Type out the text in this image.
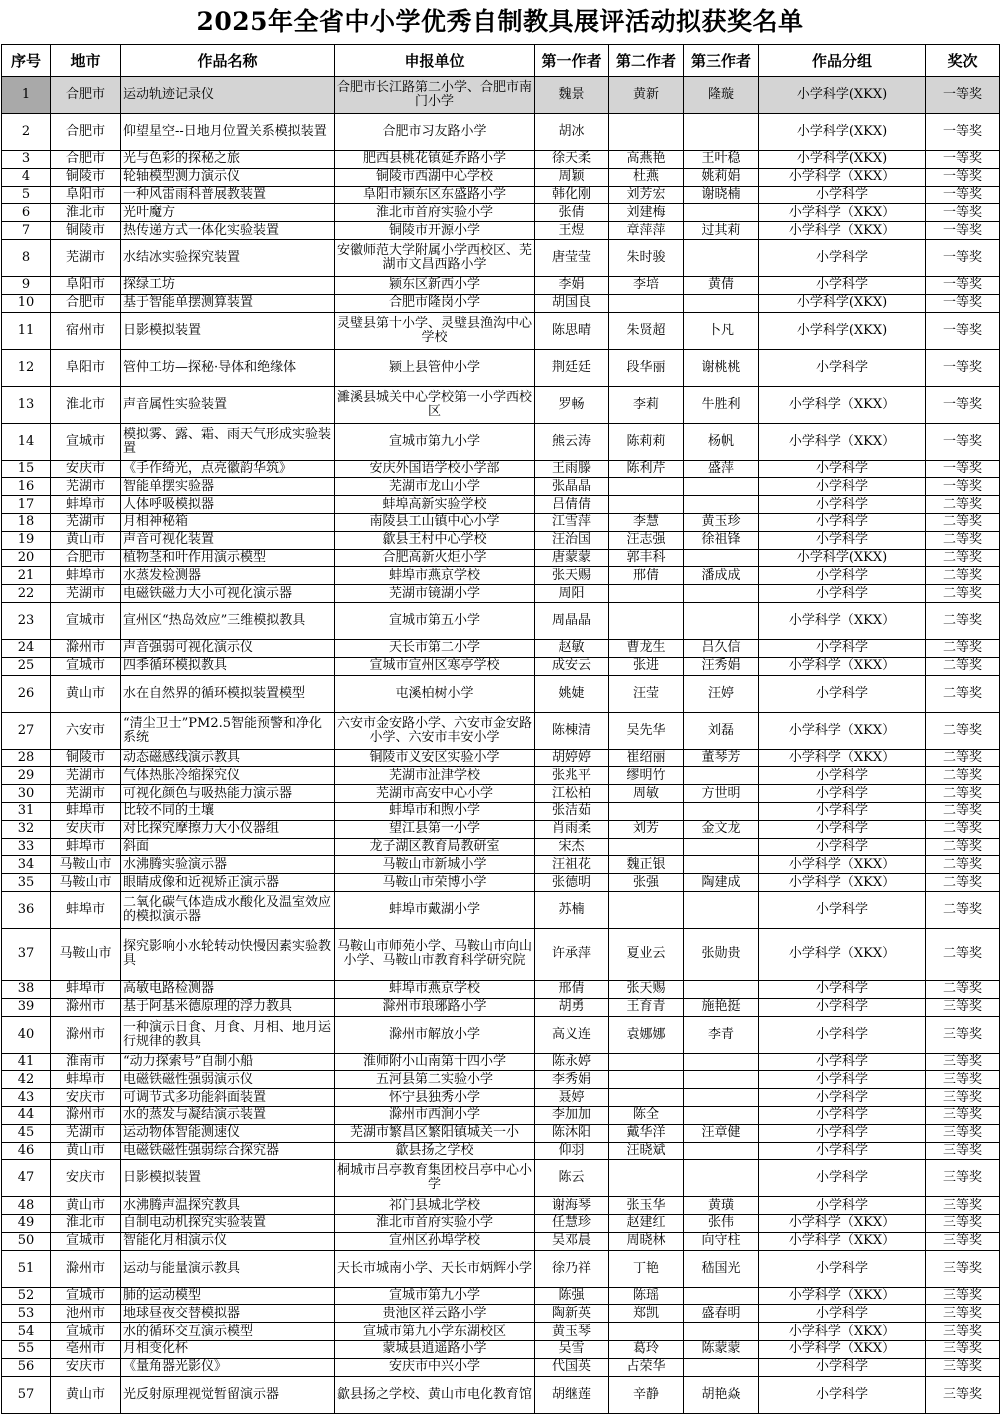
2025年全省中小学优秀自制教具展评活动拟获奖名单
序号	地市	作品名称	申报单位	第一作者	第二作者	第三作者	作品分组	奖次
1	合肥市	运动轨迹记录仪	合肥市长江路第二小学、合肥市南门小学	魏景	黄新	隆璇	小学科学(XKX)	一等奖
2	合肥市	仰望星空--日地月位置关系模拟装置	合肥市习友路小学	胡冰			小学科学(XKX)	一等奖
3	合肥市	光与色彩的探秘之旅	肥西县桃花镇延乔路小学	徐天柔	高燕艳	王叶稳	小学科学(XKX)	一等奖
4	铜陵市	轮轴模型测力演示仪	铜陵市西湖中心学校	周颖	杜燕	姚莉娟	小学科学（XKX）	一等奖
5	阜阳市	一种风雷雨科普展教装置	阜阳市颍东区东盛路小学	韩化刚	刘芳宏	谢晓楠	小学科学	一等奖
6	淮北市	光叶魔方	淮北市首府实验小学	张倩	刘建梅		小学科学（XKX）	一等奖
7	铜陵市	热传递方式一体化实验装置	铜陵市开源小学	王煜	章萍萍	过其莉	小学科学（XKX）	一等奖
8	芜湖市	水结冰实验探究装置	安徽师范大学附属小学西校区、芜湖市文昌西路小学	唐莹莹	朱时骏		小学科学	一等奖
9	阜阳市	探绿工坊	颍东区新西小学	李娟	李培	黄倩	小学科学	一等奖
10	合肥市	基于智能单摆测算装置	合肥市隆岗小学	胡国良			小学科学(XKX)	一等奖
11	宿州市	日影模拟装置	灵璧县第十小学、灵璧县渔沟中心学校	陈思晴	朱贤超	卜凡	小学科学(XKX)	一等奖
12	阜阳市	管仲工坊—探秘·导体和绝缘体	颍上县管仲小学	荆廷廷	段华丽	谢桃桃	小学科学	一等奖
13	淮北市	声音属性实验装置	濉溪县城关中心学校第一小学西校区	罗畅	李莉	牛胜利	小学科学（XKX）	一等奖
14	宣城市	模拟雾、露、霜、雨天气形成实验装置	宣城市第九小学	熊云涛	陈莉莉	杨帆	小学科学（XKX）	一等奖
15	安庆市	《手作绮光，点亮徽韵华筑》	安庆外国语学校小学部	王雨滕	陈利芹	盛萍	小学科学	一等奖
16	芜湖市	智能单摆实验器	芜湖市龙山小学	张晶晶			小学科学	一等奖
17	蚌埠市	人体呼吸模拟器	蚌埠高新实验学校	吕倩倩			小学科学	二等奖
18	芜湖市	月相神秘箱	南陵县工山镇中心小学	江雪萍	李慧	黄玉珍	小学科学	二等奖
19	黄山市	声音可视化装置	歙县王村中心学校	汪治国	汪志强	徐祖锋	小学科学	二等奖
20	合肥市	植物茎和叶作用演示模型	合肥高新火炬小学	唐蒙蒙	郭丰科		小学科学(XKX)	二等奖
21	蚌埠市	水蒸发检测器	蚌埠市燕京学校	张天赐	邢倩	潘成成	小学科学	二等奖
22	芜湖市	电磁铁磁力大小可视化演示器	芜湖市镜湖小学	周阳			小学科学	二等奖
23	宣城市	宣州区“热岛效应”三维模拟教具	宣城市第五小学	周晶晶			小学科学（XKX）	二等奖
24	滁州市	声音强弱可视化演示仪	天长市第二小学	赵敏	曹龙生	吕久信	小学科学	二等奖
25	宣城市	四季循环模拟教具	宣城市宣州区寒亭学校	成安云	张进	汪秀娟	小学科学（XKX）	二等奖
26	黄山市	水在自然界的循环模拟装置模型	屯溪柏树小学	姚婕	汪莹	汪婷	小学科学	二等奖
27	六安市	“清尘卫士”PM2.5智能预警和净化系统	六安市金安路小学、六安市金安路小学、六安市丰安小学	陈棟清	吴先华	刘磊	小学科学（XKX）	二等奖
28	铜陵市	动态磁感线演示教具	铜陵市义安区实验小学	胡婷婷	崔绍丽	董琴芳	小学科学（XKX）	二等奖
29	芜湖市	气体热胀冷缩探究仪	芜湖市沚津学校	张兆平	缪明竹		小学科学	二等奖
30	芜湖市	可视化颜色与吸热能力演示器	芜湖市高安中心小学	江松柏	周敏	方世明	小学科学	二等奖
31	蚌埠市	比较不同的土壤	蚌埠市和煦小学	张洁茹			小学科学	二等奖
32	安庆市	对比探究摩擦力大小仪器组	望江县第一小学	肖雨柔	刘芳	金文龙	小学科学	二等奖
33	蚌埠市	斜面	龙子湖区教育局教研室	宋杰			小学科学	二等奖
34	马鞍山市	水沸腾实验演示器	马鞍山市新城小学	汪祖花	魏正银		小学科学（XKX）	二等奖
35	马鞍山市	眼睛成像和近视矫正演示器	马鞍山市荣博小学	张德明	张强	陶建成	小学科学（XKX）	二等奖
36	蚌埠市	二氧化碳气体造成水酸化及温室效应的模拟演示器	蚌埠市戴湖小学	苏楠			小学科学	二等奖
37	马鞍山市	探究影响小水轮转动快慢因素实验教具	马鞍山市师苑小学、马鞍山市向山小学、马鞍山市教育科学研究院	许承萍	夏业云	张勋贵	小学科学（XKX）	二等奖
38	蚌埠市	高敏电路检测器	蚌埠市燕京学校	邢倩	张天赐		小学科学	二等奖
39	滁州市	基于阿基米德原理的浮力教具	滁州市琅琊路小学	胡勇	王育青	施艳挺	小学科学	三等奖
40	滁州市	一种演示日食、月食、月相、地月运行规律的教具	滁州市解放小学	高义连	袁娜娜	李青	小学科学	三等奖
41	淮南市	“动力探索号”自制小船	淮师附小山南第十四小学	陈永婷			小学科学	三等奖
42	蚌埠市	电磁铁磁性强弱演示仪	五河县第二实验小学	李秀娟			小学科学	三等奖
43	安庆市	可调节式多功能斜面装置	怀宁县独秀小学	聂婷			小学科学	三等奖
44	滁州市	水的蒸发与凝结演示装置	滁州市西涧小学	李加加	陈全		小学科学	三等奖
45	芜湖市	运动物体智能测速仪	芜湖市繁昌区繁阳镇城关一小	陈沐阳	戴华洋	汪章健	小学科学	三等奖
46	黄山市	电磁铁磁性强弱综合探究器	歙县扬之学校	仰羽	汪晓斌		小学科学	三等奖
47	安庆市	日影模拟装置	桐城市吕亭教育集团校吕亭中心小学	陈云			小学科学	三等奖
48	黄山市	水沸腾声温探究教具	祁门县城北学校	谢海琴	张玉华	黄璜	小学科学	三等奖
49	淮北市	自制电动机探究实验装置	淮北市首府实验小学	任慧珍	赵建红	张伟	小学科学（XKX）	三等奖
50	宣城市	智能化月相演示仪	宣州区孙埠学校	吴邓晨	周晓林	向守柱	小学科学（XKX）	三等奖
51	滁州市	运动与能量演示教具	天长市城南小学、天长市炳辉小学	徐乃祥	丁艳	嵇国光	小学科学	三等奖
52	宣城市	肺的运动模型	宣城市第九小学	陈强	陈瑶		小学科学（XKX）	三等奖
53	池州市	地球昼夜交替模拟器	贵池区祥云路小学	陶新英	郑凯	盛春明	小学科学	三等奖
54	宣城市	水的循环交互演示模型	宣城市第九小学东湖校区	黄玉琴			小学科学（XKX）	三等奖
55	亳州市	月相变化杯	蒙城县逍遥路小学	吴雪	葛玲	陈蒙蒙	小学科学（XKX）	三等奖
56	安庆市	《量角器光影仪》	安庆市中兴小学	代国英	占荣华		小学科学	三等奖
57	黄山市	光反射原理视觉暂留演示器	歙县扬之学校、黄山市电化教育馆	胡继莲	辛静	胡艳焱	小学科学	三等奖
